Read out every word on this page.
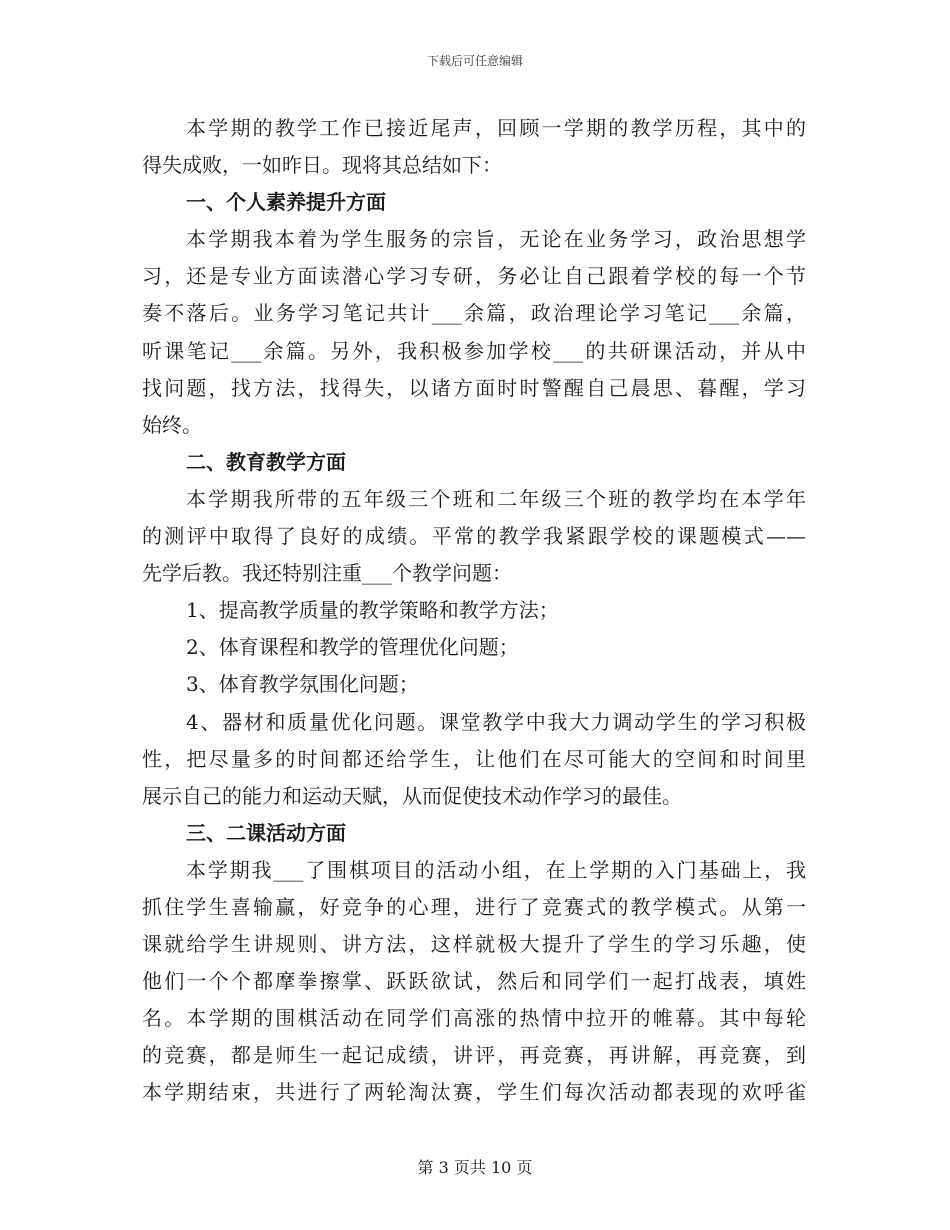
下载后可任意编辑
本学期的教学工作已接近尾声，回顾一学期的教学历程，其中的
得失成败，一如昨日。现将其总结如下：
一、个人素养提升方面
本学期我本着为学生服务的宗旨，无论在业务学习，政治思想学
习，还是专业方面读潜心学习专研，务必让自己跟着学校的每一个节
奏不落后。业务学习笔记共计___余篇，政治理论学习笔记___余篇，
听课笔记___余篇。另外，我积极参加学校___的共研课活动，并从中
找问题，找方法，找得失，以诸方面时时警醒自己晨思、暮醒，学习
始终。
二、教育教学方面
本学期我所带的五年级三个班和二年级三个班的教学均在本学年
的测评中取得了良好的成绩。平常的教学我紧跟学校的课题模式——
先学后教。我还特别注重___个教学问题：
1、提高教学质量的教学策略和教学方法；
2、体育课程和教学的管理优化问题；
3、体育教学氛围化问题；
4、器材和质量优化问题。课堂教学中我大力调动学生的学习积极
性，把尽量多的时间都还给学生，让他们在尽可能大的空间和时间里
展示自己的能力和运动天赋，从而促使技术动作学习的最佳。
三、二课活动方面
本学期我___了围棋项目的活动小组，在上学期的入门基础上，我
抓住学生喜输赢，好竞争的心理，进行了竞赛式的教学模式。从第一
课就给学生讲规则、讲方法，这样就极大提升了学生的学习乐趣，使
他们一个个都摩拳擦掌、跃跃欲试，然后和同学们一起打战表，填姓
名。本学期的围棋活动在同学们高涨的热情中拉开的帷幕。其中每轮
的竞赛，都是师生一起记成绩，讲评，再竞赛，再讲解，再竞赛，到
本学期结束，共进行了两轮淘汰赛，学生们每次活动都表现的欢呼雀
第 3 页共 10 页
